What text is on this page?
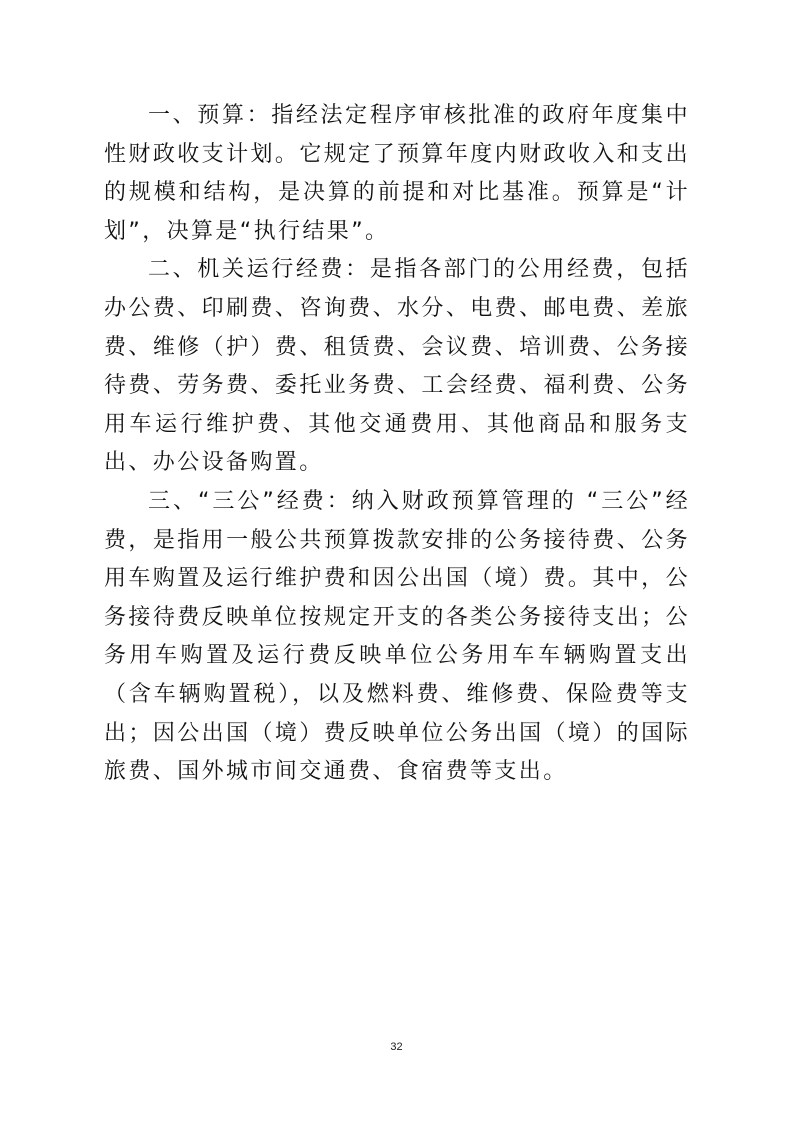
一、预算：指经法定程序审核批准的政府年度集中性财政收支计划。它规定了预算年度内财政收入和支出的规模和结构，是决算的前提和对比基准。预算是“计划”，决算是“执行结果”。

二、机关运行经费：是指各部门的公用经费，包括办公费、印刷费、咨询费、水分、电费、邮电费、差旅费、维修（护）费、租赁费、会议费、培训费、公务接待费、劳务费、委托业务费、工会经费、福利费、公务用车运行维护费、其他交通费用、其他商品和服务支出、办公设备购置。

三、“三公”经费：纳入财政预算管理的 “三公”经费，是指用一般公共预算拨款安排的公务接待费、公务用车购置及运行维护费和因公出国（境）费。其中，公务接待费反映单位按规定开支的各类公务接待支出；公务用车购置及运行费反映单位公务用车车辆购置支出（含车辆购置税），以及燃料费、维修费、保险费等支出；因公出国（境）费反映单位公务出国（境）的国际旅费、国外城市间交通费、食宿费等支出。

32
